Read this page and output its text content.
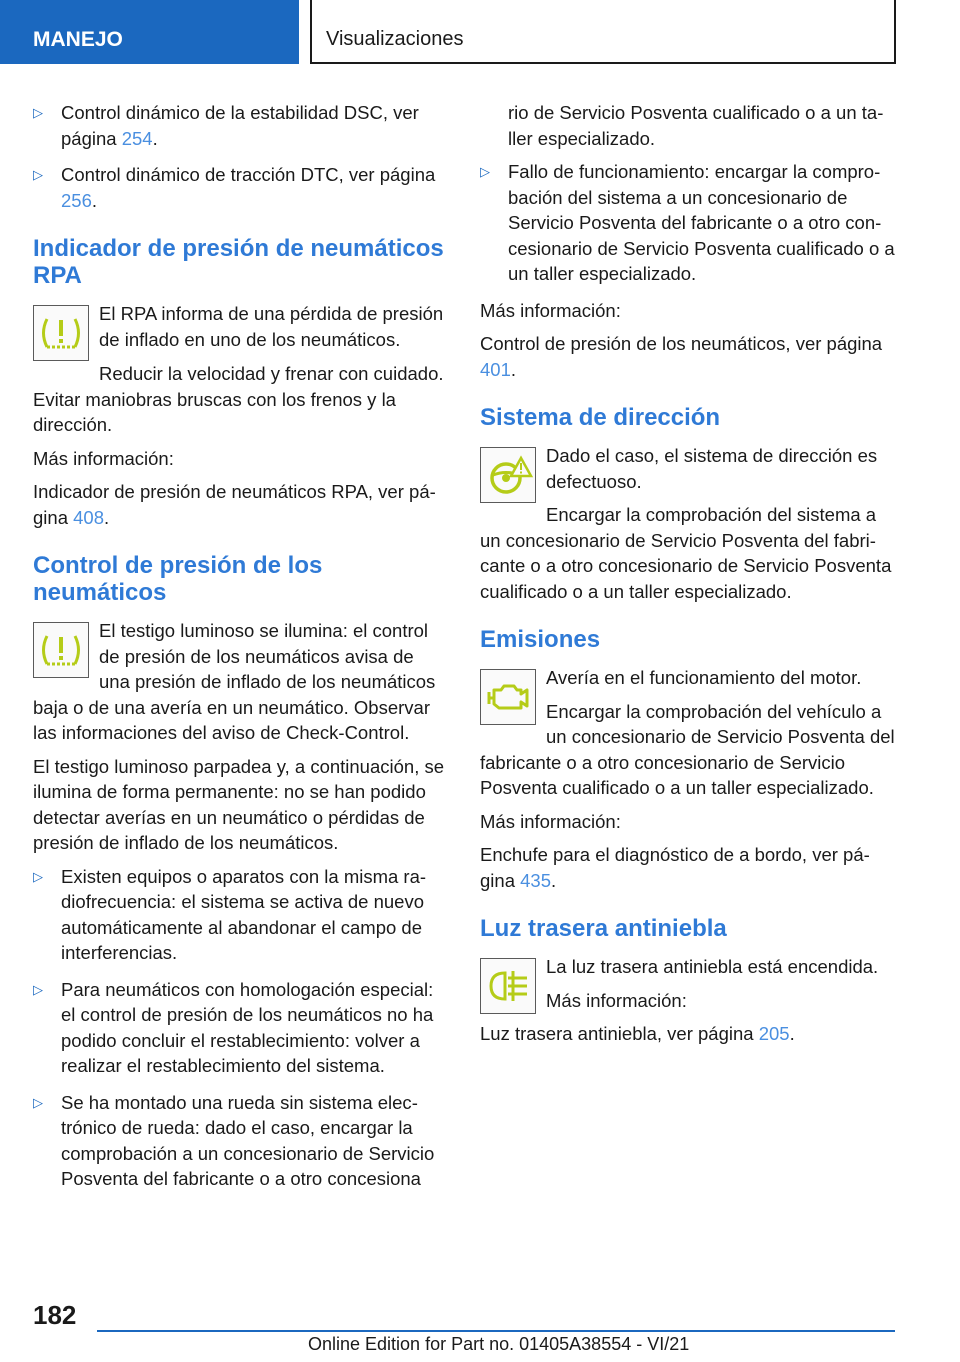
MANEJO	Visualizaciones
▷ Control dinámico de la estabilidad DSC, ver página 254.
▷ Control dinámico de tracción DTC, ver página 256.
Indicador de presión de neumáticos RPA

El RPA informa de una pérdida de presión de inflado en uno de los neumáticos.

Reducir la velocidad y frenar con cuidado. Evitar maniobras bruscas con los frenos y la dirección.

Más información:

Indicador de presión de neumáticos RPA, ver página 408.

Control de presión de los neumáticos

El testigo luminoso se ilumina: el control de presión de los neumáticos avisa de una presión de inflado de los neumáticos baja o de una avería en un neumático. Observar las informaciones del aviso de Check-Control.

El testigo luminoso parpadea y, a continuación, se ilumina de forma permanente: no se han podido detectar averías en un neumático o pérdidas de presión de inflado de los neumáticos.

▷ Existen equipos o aparatos con la misma radiofrecuencia: el sistema se activa de nuevo automáticamente al abandonar el campo de interferencias.
▷ Para neumáticos con homologación especial: el control de presión de los neumáticos no ha podido concluir el restablecimiento: volver a realizar el restablecimiento del sistema.
▷ Se ha montado una rueda sin sistema electrónico de rueda: dado el caso, encargar la comprobación a un concesionario de Servicio Posventa del fabricante o a otro concesiona

rio de Servicio Posventa cualificado o a un taller especializado.

▷ Fallo de funcionamiento: encargar la comprobación del sistema a un concesionario de Servicio Posventa del fabricante o a otro concesionario de Servicio Posventa cualificado o a un taller especializado.

Más información:

Control de presión de los neumáticos, ver página 401.

Sistema de dirección

Dado el caso, el sistema de dirección es defectuoso.

Encargar la comprobación del sistema a un concesionario de Servicio Posventa del fabricante o a otro concesionario de Servicio Posventa cualificado o a un taller especializado.

Emisiones

Avería en el funcionamiento del motor.

Encargar la comprobación del vehículo a un concesionario de Servicio Posventa del fabricante o a otro concesionario de Servicio Posventa cualificado o a un taller especializado.

Más información:

Enchufe para el diagnóstico de a bordo, ver página 435.

Luz trasera antiniebla

La luz trasera antiniebla está encendida.

Más información:

Luz trasera antiniebla, ver página 205.

182
Online Edition for Part no. 01405A38554 - VI/21
